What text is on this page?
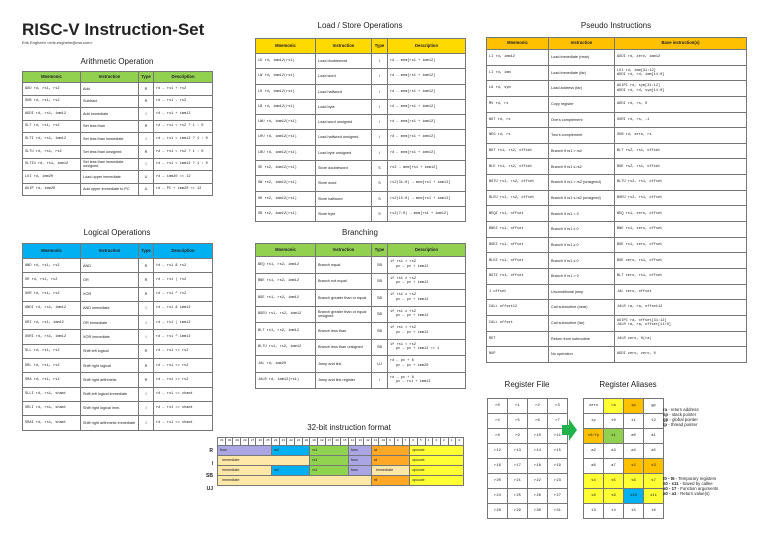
RISC-V Instruction-Set
Erik Engheim <erik.engheim@ma.com>
Arithmetic Operation
Mnemonic	Instruction	Type	Description
ADD rd, rs1, rs2	Add	R	rd ← rs1 + rs2
SUB rd, rs1, rs2	Subtract	R	rd ← rs1 - rs2
ADDI rd, rs1, imm12	Add immediate	I	rd ← rs1 + imm12
SLT rd, rs1, rs2	Set less than	R	rd ← rs1 < rs2 ? 1 : 0
SLTI rd, rs1, imm12	Set less than immediate	I	rd ← rs1 < imm12 ? 1 : 0
SLTU rd, rs1, rs2	Set less than unsigned	R	rd ← rs1 < rs2 ? 1 : 0
SLTIU rd, rs1, imm12	Set less than immediate unsigned	I	rd ← rs1 < imm12 ? 1 : 0
LUI rd, imm20	Load upper immediate	U	rd ← imm20 << 12
AUIP rd, imm20	Add upper immediate to PC	U	rd ← PC + imm20 << 12
Logical Operations
Mnemonic	Instruction	Type	Description
AND rd, rs1, rs2	AND	R	rd ← rs1 & rs2
OR rd, rs1, rs2	OR	R	rd ← rs1 | rs2
XOR rd, rs1, rs2	XOR	R	rd ← rs1 ^ rs2
ANDI rd, rs1, imm12	AND immediate	I	rd ← rs1 & imm12
ORI rd, rs1, imm12	OR immediate	I	rd ← rs1 | imm12
XORI rd, rs1, imm12	XOR immediate	I	rd ← rs1 ^ imm12
SLL rd, rs1, rs2	Shift left logical	R	rd ← rs1 << rs2
SRL rd, rs1, rs2	Shift right logical	R	rd ← rs1 >> rs2
SRA rd, rs1, rs2	Shift right arithmetic	R	rd ← rs1 >> rs2
SLLI rd, rs1, shamt	Shift left logical immediate	I	rd ← rs1 << shamt
SRLI rd, rs1, shamt	Shift right logical imm.	I	rd ← rs1 >> shamt
SRAI rd, rs1, shamt	Shift right arithmetic immediate	I	rd ← rs1 >> shamt
Load / Store Operations
Mnemonic	Instruction	Type	Description
LD rd, imm12(rs1)	Load doubleword	I	rd ← mem[rs1 + imm12]
LW rd, imm12(rs1)	Load word	I	rd ← mem[rs1 + imm12]
LH rd, imm12(rs1)	Load halfword	I	rd ← mem[rs1 + imm12]
LB rd, imm12(rs1)	Load byte	I	rd ← mem[rs1 + imm12]
LWU rd, imm12(rs1)	Load word unsigned	I	rd ← mem[rs1 + imm12]
LHU rd, imm12(rs1)	Load halfword unsigned	I	rd ← mem[rs1 + imm12]
LBU rd, imm12(rs1)	Load byte unsigned	I	rd ← mem[rs1 + imm12]
SD rs2, imm12(rs1)	Store doubleword	S	rs2 → mem[rs1 + imm12]
SW rs2, imm12(rs1)	Store word	S	rs2(31:0) → mem[rs1 + imm12]
SH rs2, imm12(rs1)	Store halfword	S	rs2(15:0) → mem[rs1 + imm12]
SB rs2, imm12(rs1)	Store byte	S	rs2(7:0) → mem[rs1 + imm12]
Branching
Mnemonic	Instruction	Type	Description
BEQ rs1, rs2, imm12	Branch equal	SB	if rs1 = rs2
pc ← pc + imm12

BNE rs1, rs2, imm12	Branch not equal	SB	if rs1 ≠ rs2
pc ← pc + imm12

BGE rs1, rs2, imm12	Branch greater than or equal	SB	if rs1 ≥ rs2
pc ← pc + imm12

BGEU rs1, rs2, imm12	Branch greater than or equal unsigned	SB	if rs1 ≥ rs2
pc ← pc + imm12

BLT rs1, rs2, imm12	Branch less than	SB	if rs1 < rs2
pc ← pc + imm12

BLTU rs1, rs2, imm12	Branch less than unsigned	SB	if rs1 < rs2
pc ← pc + imm12 << 1

JAL rd, imm20	Jump and link	UJ	rd ← pc + 8
pc ← pc + imm20

JALR rd, imm12(rs1)	Jump and link register	I	rd ← pc + 8
pc ← rs1 + imm12
Pseudo Instructions
Mnemonic	Instruction	Base instruction(s)
LI rd, imm12	Load immediate (near)	ADDI rd, zero, imm12

LI rd, imm	Load immediate (far)	LUI rd, imm[31:12]
ADDI rd, rd, imm[11:0]

LA rd, sym	Load address (far)	AUIPC rd, sym[31:12]
ADDI rd, rd, sym[11:0]

MV rd, rs	Copy register	ADDI rd, rs, 0

NOT rd, rs	One's complement	XORI rd, rs, -1

NEG rd, rs	Two's complement	SUB rd, zero, rs

BGT rs1, rs2, offset	Branch if rs1 > rs2	BLT rs2, rs1, offset

BLE rs1, rs2, offset	Branch if rs1 ≤ rs2	BGE rs2, rs1, offset

BGTU rs1, rs2, offset	Branch if rs1 > rs2 (unsigned)	BLTU rs2, rs1, offset

BLEU rs1, rs2, offset	Branch if rs1 ≤ rs2 (unsigned)	BGEU rs2, rs1, offset

BEQZ rs1, offset	Branch if rs1 = 0	BEQ rs1, zero, offset

BNEZ rs1, offset	Branch if rs1 ≠ 0	BNE rs1, zero, offset

BGEZ rs1, offset	Branch if rs1 ≥ 0	BGE rs1, zero, offset

BLEZ rs1, offset	Branch if rs1 ≤ 0	BGE zero, rs1, offset

BGTZ rs1, offset	Branch if rs1 > 0	BLT zero, rs1, offset

J offset	Unconditional jump	JAL zero, offset

CALL offset12	Call subroutine (near)	JALR ra, ra, offset12

CALL offset	Call subroutine (far)	AUIPC ra, offset[31:12]
JALR ra, ra, offset[11:0]

RET	Return from subroutine	JALR zero, 0(ra)

NOP	No operation	ADDI zero, zero, 0
32-bit instruction format
R
I
SB
UJ
31	30	29	28	27	26	25	24	23	22	21	20	19	18	17	16	15	14	13	12	11	10	9	8	7	6	5	4	3	2	1	0
func							rs2					rs1					func			rd					opcode						
immediate												rs1					func			rd					opcode						
immediate							rs2					rs1					func			immediate					opcode						
immediate																				rd					opcode						
Register File
r0	r1	r2	r3
r4	r5	r6	r7
r8	r9	r10	r11
r12	r13	r14	r15
r16	r17	r18	r19
r20	r21	r22	r23
r24	r25	r26	r27
r28	r29	r30	r31
Register Aliases
zero	ra	sp	gp
tp	t0	t1	t2
s0/fp	s1	a0	a1
a2	a3	a4	a5
a6	a7	s2	s3
s4	s5	s6	s7
s8	s9	s10	s11
t3	t4	t5	t6
ra - return address
sp - stack pointer
gp - global pointer
tp - thread pointer
t0 - t6 - Temporary registers
s0 - s11 - Saved by callee
a0 - 17 - Function arguments
a0 - a1 - Return value(s)
